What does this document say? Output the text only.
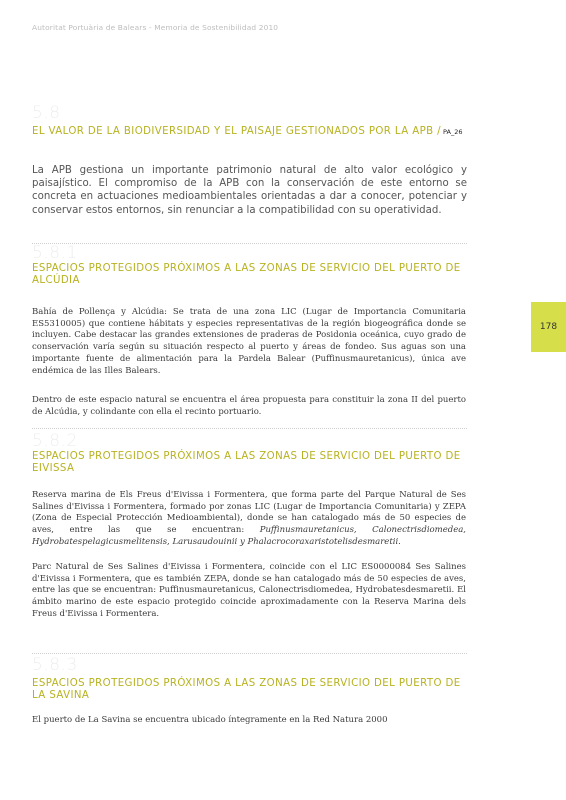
Autoritat Portuària de Balears - Memoria de Sostenibilidad 2010
178
5.8
EL VALOR DE LA BIODIVERSIDAD Y EL PAISAJE GESTIONADOS POR LA APB / PA_26
La APB gestiona un importante patrimonio natural de alto valor ecológico y paisajístico. El compromiso de la APB con la conservación de este entorno se concreta en actuaciones medioambientales orientadas a dar a conocer, potenciar y conservar estos entornos, sin renunciar a la compatibilidad con su operatividad.
5.8.1
ESPACIOS PROTEGIDOS PRÓXIMOS A LAS ZONAS DE SERVICIO DEL PUERTO DE ALCÚDIA

Bahía de Pollença y Alcúdia: Se trata de una zona LIC (Lugar de Importancia Comunitaria ES5310005) que contiene hábitats y especies representativas de la región biogeográfica donde se incluyen. Cabe destacar las grandes extensiones de praderas de Posidonia oceánica, cuyo grado de conservación varía según su situación respecto al puerto y áreas de fondeo. Sus aguas son una importante fuente de alimentación para la Pardela Balear (Puffinusmauretanicus), única ave endémica de las Illes Balears.

Dentro de este espacio natural se encuentra el área propuesta para constituir la zona II del puerto de Alcúdia, y colindante con ella el recinto portuario.

5.8.2
ESPACIOS PROTEGIDOS PRÓXIMOS A LAS ZONAS DE SERVICIO DEL PUERTO DE EIVISSA

Reserva marina de Els Freus d'Eivissa i Formentera, que forma parte del Parque Natural de Ses Salines d'Eivissa i Formentera, formado por zonas LIC (Lugar de Importancia Comunitaria) y ZEPA (Zona de Especial Protección Medioambiental), donde se han catalogado más de 50 especies de aves, entre las que se encuentran: Puffinusmauretanicus, Calonectrisdiomedea, Hydrobatespelagicusmelitensis, Larusaudouinii y Phalacrocoraxaristotelisdesmaretii.

Parc Natural de Ses Salines d'Eivissa i Formentera, coincide con el LIC ES0000084 Ses Salines d'Eivissa i Formentera, que es también ZEPA, donde se han catalogado más de 50 especies de aves, entre las que se encuentran: Puffinusmauretanicus, Calonectrisdiomedea, Hydrobatesdesmaretii. El ámbito marino de este espacio protegido coincide aproximadamente con la Reserva Marina dels Freus d'Eivissa i Formentera.

5.8.3
ESPACIOS PROTEGIDOS PRÓXIMOS A LAS ZONAS DE SERVICIO DEL PUERTO DE LA SAVINA

El puerto de La Savina se encuentra ubicado íntegramente en la Red Natura 2000
